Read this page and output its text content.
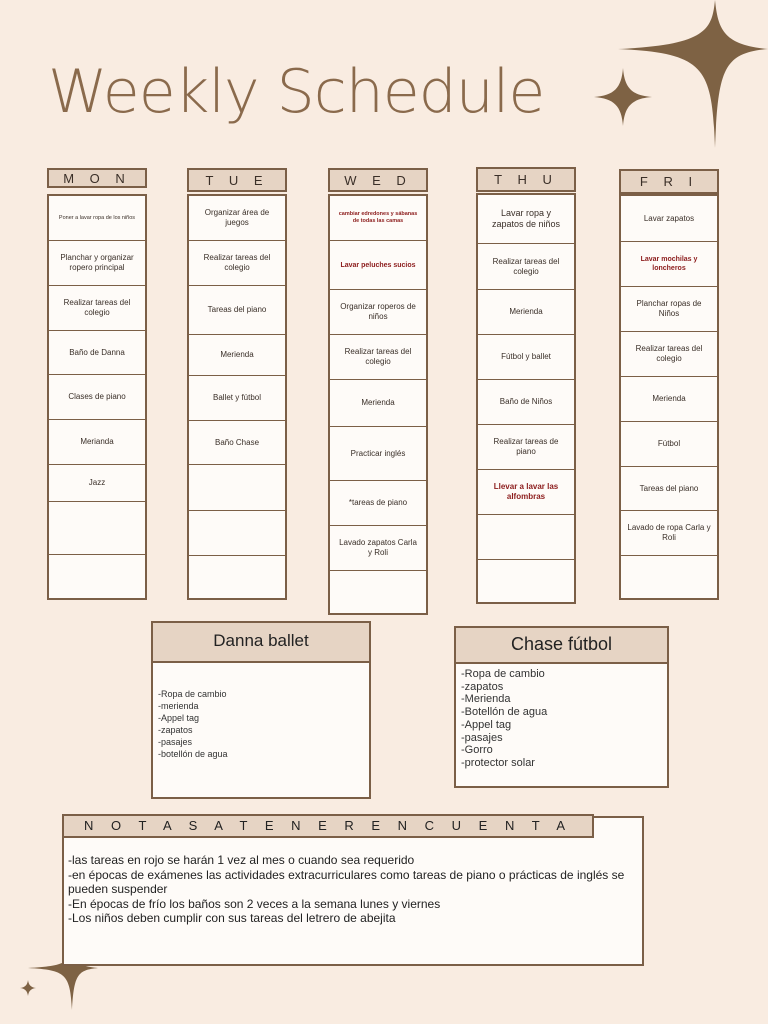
Weekly Schedule
M O N
Poner a lavar ropa de los niños
Planchar y organizar ropero principal
Realizar tareas del colegio
Baño de Danna
Clases de piano
Merianda
Jazz
T U E
Organizar área de juegos
Realizar tareas del colegio
Tareas del piano
Merienda
Ballet y fútbol
Baño Chase
W E D
cambiar edredones y sábanas de todas las camas
Lavar peluches sucios
Organizar roperos de niños
Realizar tareas del colegio
Merienda
Practicar inglés
*tareas de piano
Lavado zapatos Carla y Roli
T H U
Lavar ropa y zapatos de niños
Realizar tareas del colegio
Merienda
Fútbol y ballet
Baño de Niños
Realizar tareas de piano
Llevar a lavar las alfombras
F R I
Lavar zapatos
Lavar mochilas y loncheros
Planchar ropas de Niños
Realizar tareas del colegio
Merienda
Fútbol
Tareas del piano
Lavado de ropa Carla y Roli
Danna ballet
-Ropa de cambio
-merienda
-Appel tag
-zapatos
-pasajes
-botellón de agua
Chase fútbol
-Ropa de cambio
-zapatos
-Merienda
-Botellón de agua
-Appel tag
-pasajes
-Gorro
-protector solar
N O T A S A T E N E R E N C U E N T A
-las tareas en rojo se harán 1 vez al mes o cuando sea requerido
-en épocas de exámenes las actividades extracurriculares como tareas de piano o prácticas de inglés se pueden suspender
-En épocas de frío los baños son 2 veces a la semana lunes y viernes
-Los niños deben cumplir con sus tareas del letrero de abejita
